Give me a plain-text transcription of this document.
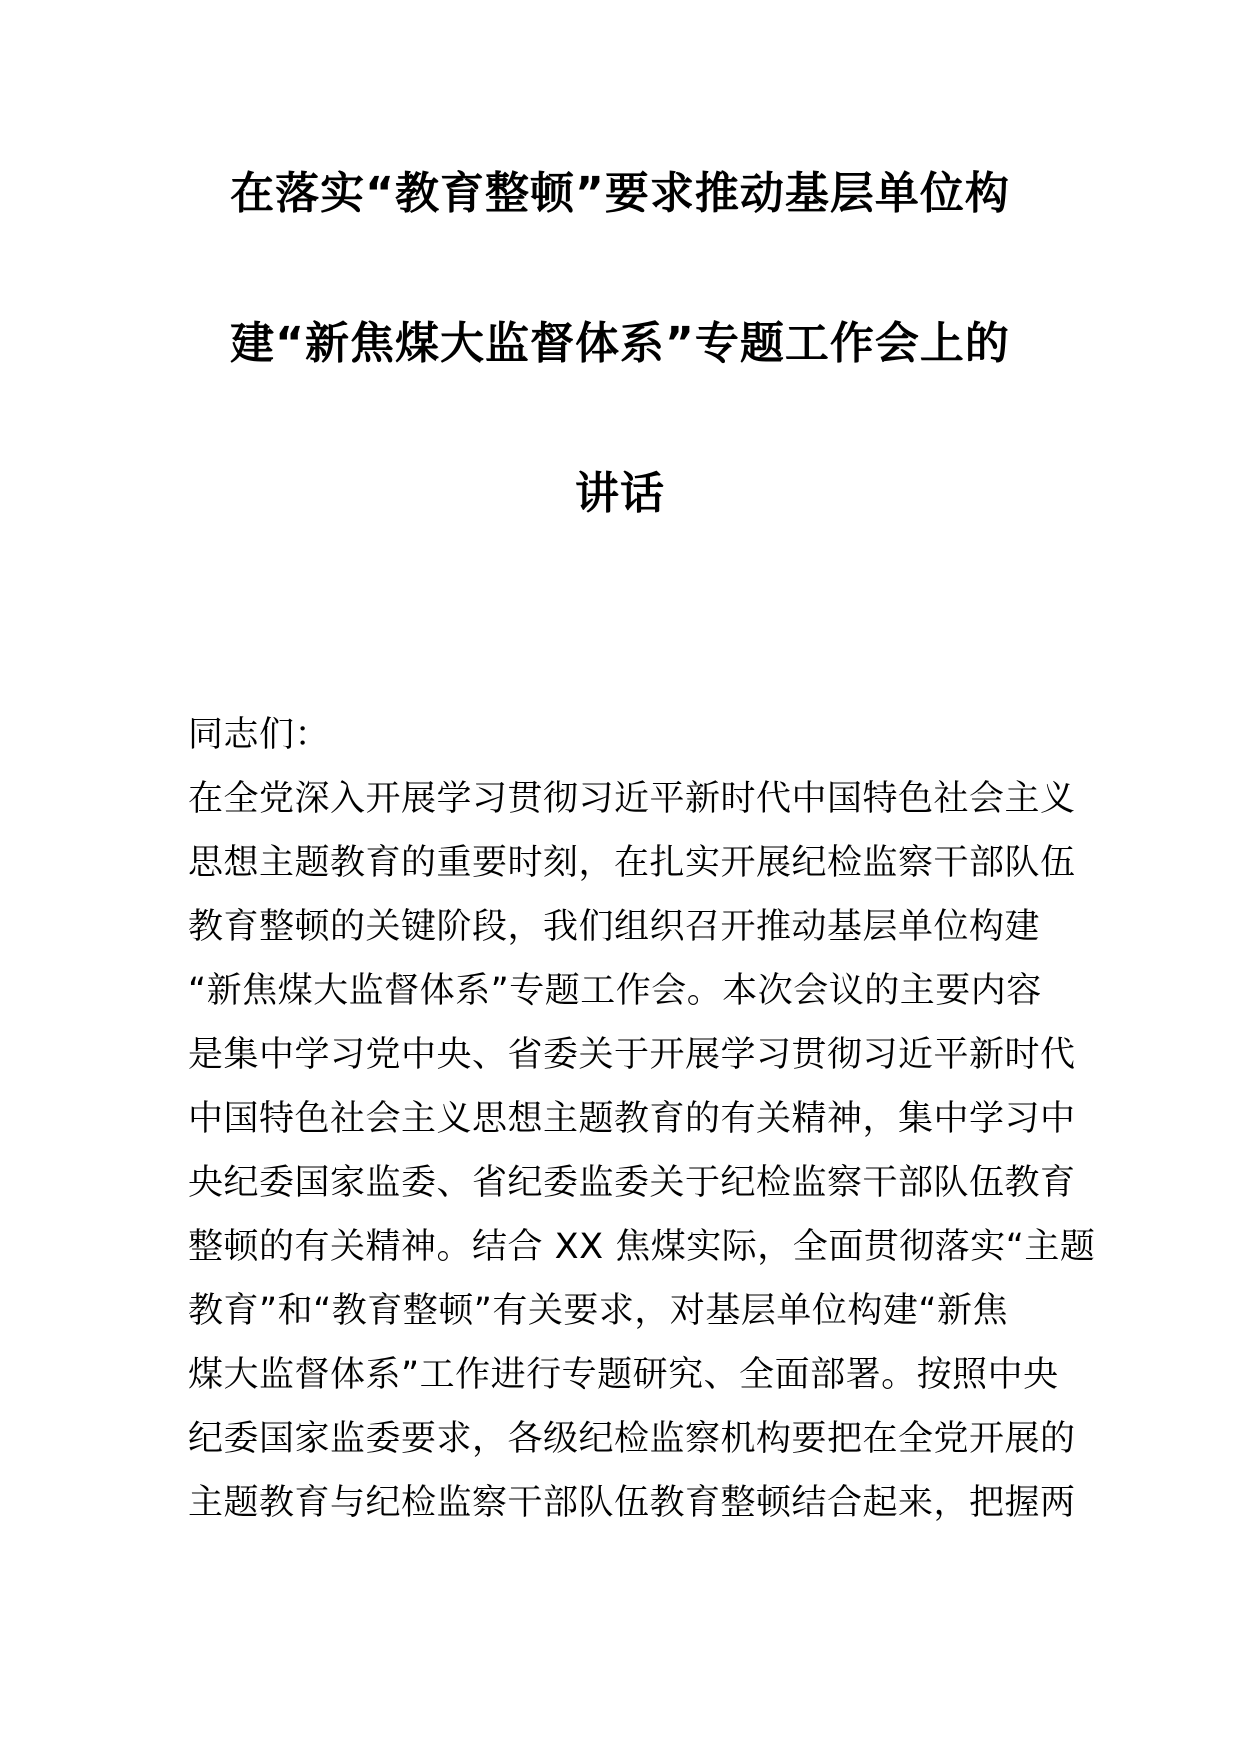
在落实“教育整顿”要求推动基层单位构
建“新焦煤大监督体系”专题工作会上的
讲话
同志们：
在全党深入开展学习贯彻习近平新时代中国特色社会主义
思想主题教育的重要时刻，在扎实开展纪检监察干部队伍
教育整顿的关键阶段，我们组织召开推动基层单位构建
“新焦煤大监督体系”专题工作会。本次会议的主要内容
是集中学习党中央、省委关于开展学习贯彻习近平新时代
中国特色社会主义思想主题教育的有关精神，集中学习中
央纪委国家监委、省纪委监委关于纪检监察干部队伍教育
整顿的有关精神。结合 XX 焦煤实际，全面贯彻落实“主题
教育”和“教育整顿”有关要求，对基层单位构建“新焦
煤大监督体系”工作进行专题研究、全面部署。按照中央
纪委国家监委要求，各级纪检监察机构要把在全党开展的
主题教育与纪检监察干部队伍教育整顿结合起来，把握两
